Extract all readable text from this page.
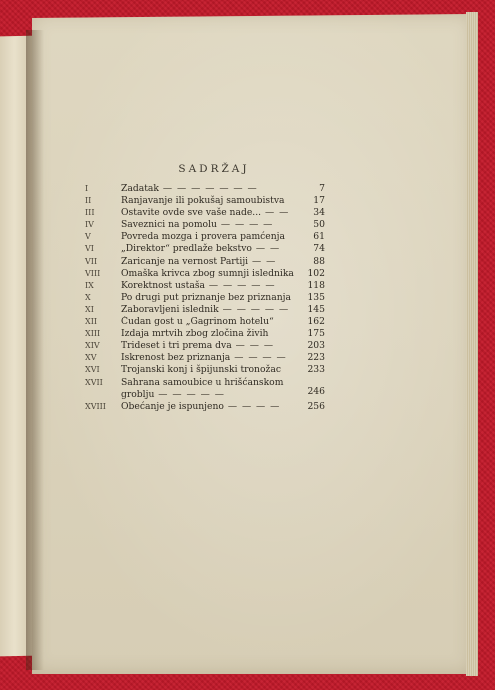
SADRŽAJ
I	Zadatak — — — — — — —	7
II	Ranjavanje ili pokušaj samoubistva	17
III	Ostavite ovde sve vaše nade... — —	34
IV	Saveznici na pomolu — — — —	50
V	Povreda mozga i provera pamćenja	61
VI	„Direktor“ predlaže bekstvo — —	74
VII	Zaricanje na vernost Partiji — —	88
VIII	Omaška krivca zbog sumnji islednika	102
IX	Korektnost ustaša — — — — —	118
X	Po drugi put priznanje bez priznanja	135
XI	Zaboravljeni islednik — — — — —	145
XII	Čudan gost u „Gagrinom hotelu“	162
XIII	Izdaja mrtvih zbog zločina živih	175
XIV	Trideset i tri prema dva — — —	203
XV	Iskrenost bez priznanja — — — —	223
XVI	Trojanski konj i špijunski tronožac	233
XVII	Sahrana samoubice u hrišćanskom
groblju — — — — —	246
XVIII	Obećanje je ispunjeno — — — —	256
